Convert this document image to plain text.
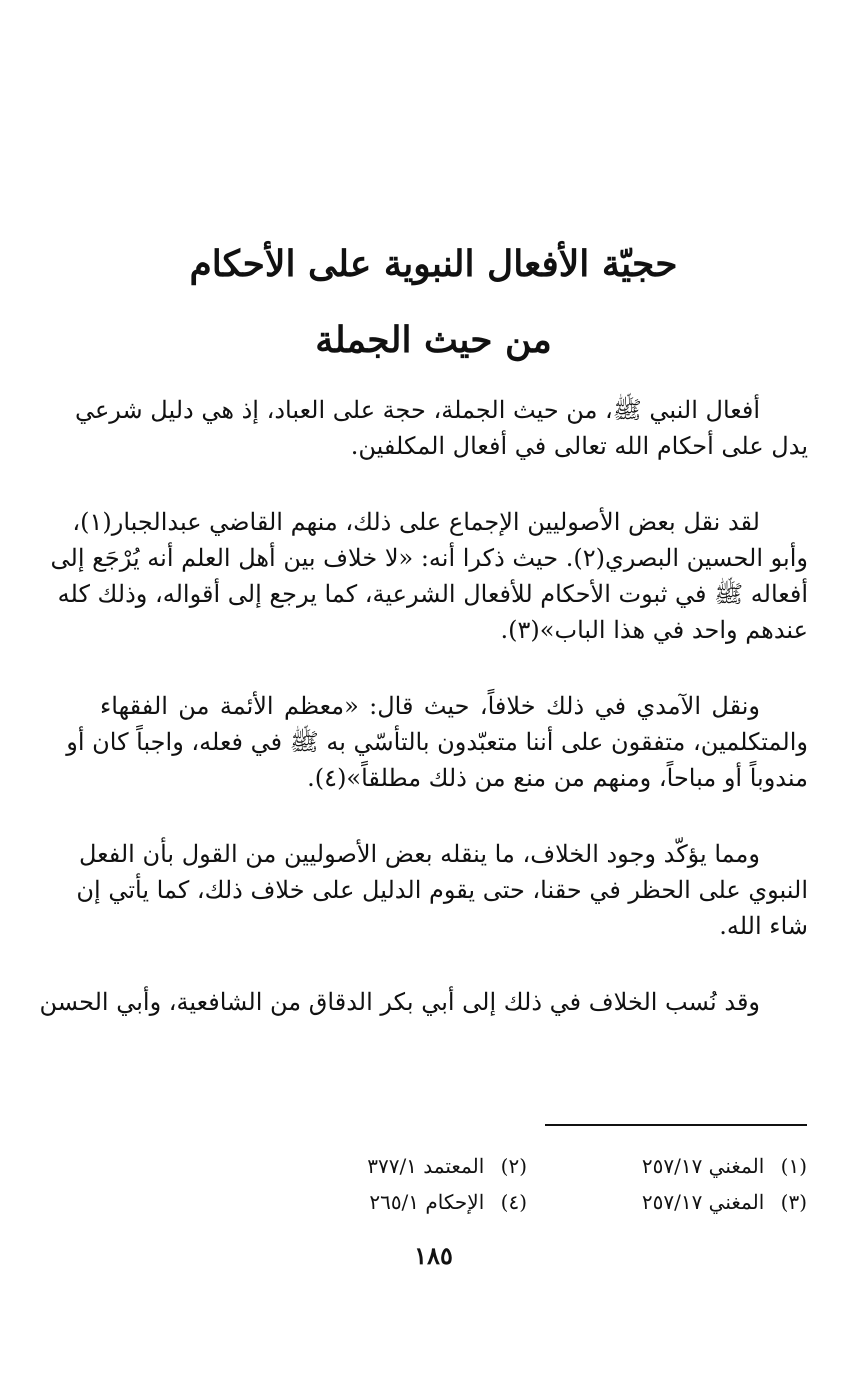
حجيّة الأفعال النبوية على الأحكام
من حيث الجملة

أفعال النبي ﷺ، من حيث الجملة، حجة على العباد، إذ هي دليل شرعي
يدل على أحكام الله تعالى في أفعال المكلفين.

لقد نقل بعض الأصوليين الإجماع على ذلك، منهم القاضي عبدالجبار(١)،
وأبو الحسين البصري(٢). حيث ذكرا أنه: «لا خلاف بين أهل العلم أنه يُرْجَع إلى
أفعاله ﷺ في ثبوت الأحكام للأفعال الشرعية، كما يرجع إلى أقواله، وذلك كله
عندهم واحد في هذا الباب»(٣).

ونقل الآمدي في ذلك خلافاً، حيث قال: «معظم الأئمة من الفقهاء
والمتكلمين، متفقون على أننا متعبّدون بالتأسّي به ﷺ في فعله، واجباً كان أو
مندوباً أو مباحاً، ومنهم من منع من ذلك مطلقاً»(٤).

ومما يؤكّد وجود الخلاف، ما ينقله بعض الأصوليين من القول بأن الفعل
النبوي على الحظر في حقنا، حتى يقوم الدليل على خلاف ذلك، كما يأتي إن
شاء الله.

وقد نُسب الخلاف في ذلك إلى أبي بكر الدقاق من الشافعية، وأبي الحسن

(١) المغني ٢٥٧/١٧
(٢) المعتمد ٣٧٧/١
(٣) المغني ٢٥٧/١٧
(٤) الإحكام ٢٦٥/١
١٨٥
